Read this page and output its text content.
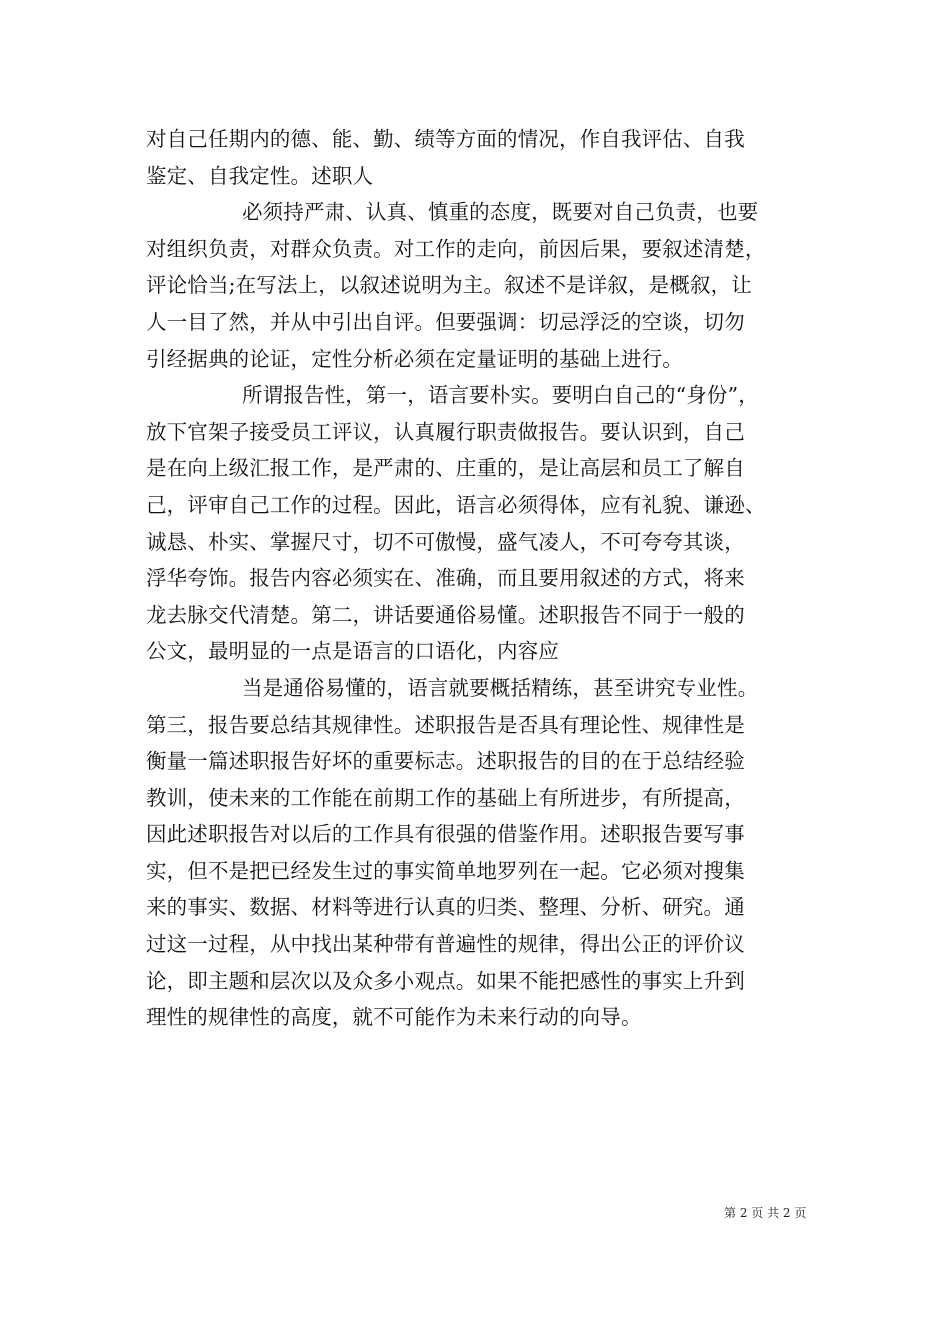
对自己任期内的德、能、勤、绩等方面的情况，作自我评估、自我
鉴定、自我定性。述职人
必须持严肃、认真、慎重的态度，既要对自己负责，也要
对组织负责，对群众负责。对工作的走向，前因后果，要叙述清楚，
评论恰当;在写法上，以叙述说明为主。叙述不是详叙，是概叙，让
人一目了然，并从中引出自评。但要强调：切忌浮泛的空谈，切勿
引经据典的论证，定性分析必须在定量证明的基础上进行。
所谓报告性，第一，语言要朴实。要明白自己的“身份”，
放下官架子接受员工评议，认真履行职责做报告。要认识到，自己
是在向上级汇报工作，是严肃的、庄重的，是让高层和员工了解自
己，评审自己工作的过程。因此，语言必须得体，应有礼貌、谦逊、
诚恳、朴实、掌握尺寸，切不可傲慢，盛气凌人，不可夸夸其谈，
浮华夸饰。报告内容必须实在、准确，而且要用叙述的方式，将来
龙去脉交代清楚。第二，讲话要通俗易懂。述职报告不同于一般的
公文，最明显的一点是语言的口语化，内容应
当是通俗易懂的，语言就要概括精练，甚至讲究专业性。
第三，报告要总结其规律性。述职报告是否具有理论性、规律性是
衡量一篇述职报告好坏的重要标志。述职报告的目的在于总结经验
教训，使未来的工作能在前期工作的基础上有所进步，有所提高，
因此述职报告对以后的工作具有很强的借鉴作用。述职报告要写事
实，但不是把已经发生过的事实简单地罗列在一起。它必须对搜集
来的事实、数据、材料等进行认真的归类、整理、分析、研究。通
过这一过程，从中找出某种带有普遍性的规律，得出公正的评价议
论，即主题和层次以及众多小观点。如果不能把感性的事实上升到
理性的规律性的高度，就不可能作为未来行动的向导。
第 2 页 共 2 页
